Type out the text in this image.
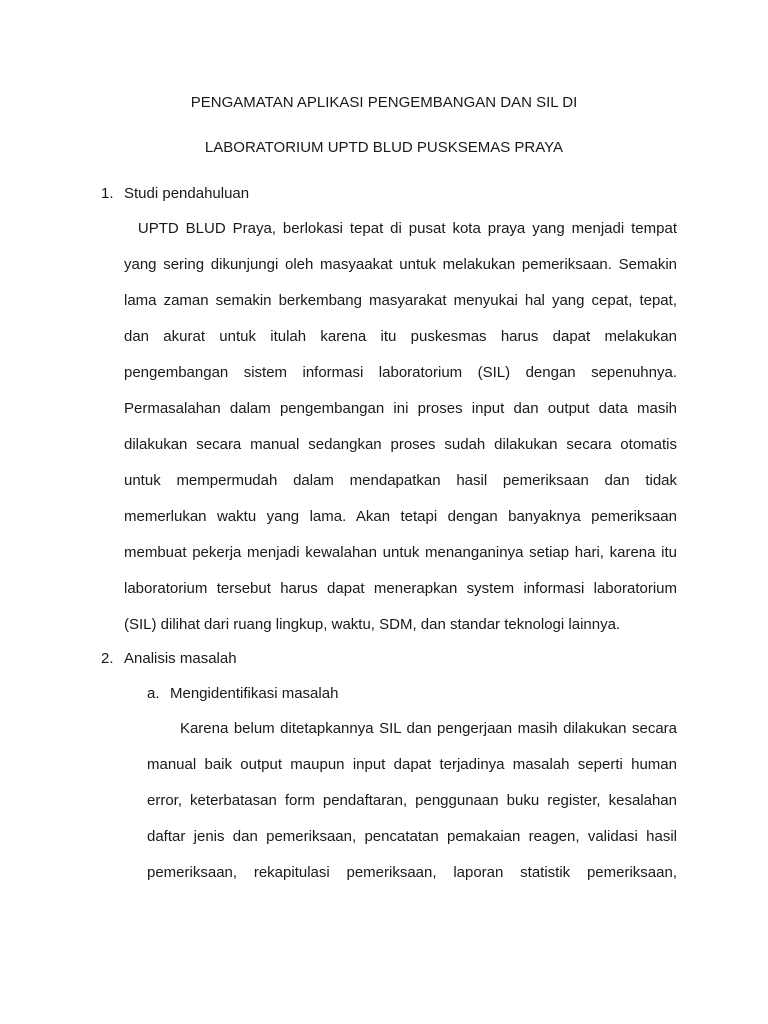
PENGAMATAN APLIKASI PENGEMBANGAN DAN SIL DI
LABORATORIUM UPTD BLUD PUSKSEMAS PRAYA
1. Studi pendahuluan
UPTD BLUD Praya, berlokasi tepat di pusat kota praya yang menjadi tempat
yang sering dikunjungi oleh masyaakat untuk melakukan pemeriksaan. Semakin
lama zaman semakin berkembang masyarakat menyukai hal yang cepat, tepat,
dan akurat untuk itulah karena itu puskesmas harus dapat melakukan
pengembangan sistem informasi laboratorium (SIL) dengan sepenuhnya.
Permasalahan dalam pengembangan ini proses input dan output data masih
dilakukan secara manual sedangkan proses sudah dilakukan secara otomatis
untuk mempermudah dalam mendapatkan hasil pemeriksaan dan tidak
memerlukan waktu yang lama. Akan tetapi dengan banyaknya pemeriksaan
membuat pekerja menjadi kewalahan untuk menanganinya setiap hari, karena itu
laboratorium tersebut harus dapat menerapkan system informasi laboratorium
(SIL) dilihat dari ruang lingkup, waktu, SDM, dan standar teknologi lainnya.
2. Analisis masalah
a. Mengidentifikasi masalah
Karena belum ditetapkannya SIL dan pengerjaan masih dilakukan secara
manual baik output maupun input dapat terjadinya masalah seperti human
error, keterbatasan form pendaftaran, penggunaan buku register, kesalahan
daftar jenis dan pemeriksaan, pencatatan pemakaian reagen, validasi hasil
pemeriksaan, rekapitulasi pemeriksaan, laporan statistik pemeriksaan,
